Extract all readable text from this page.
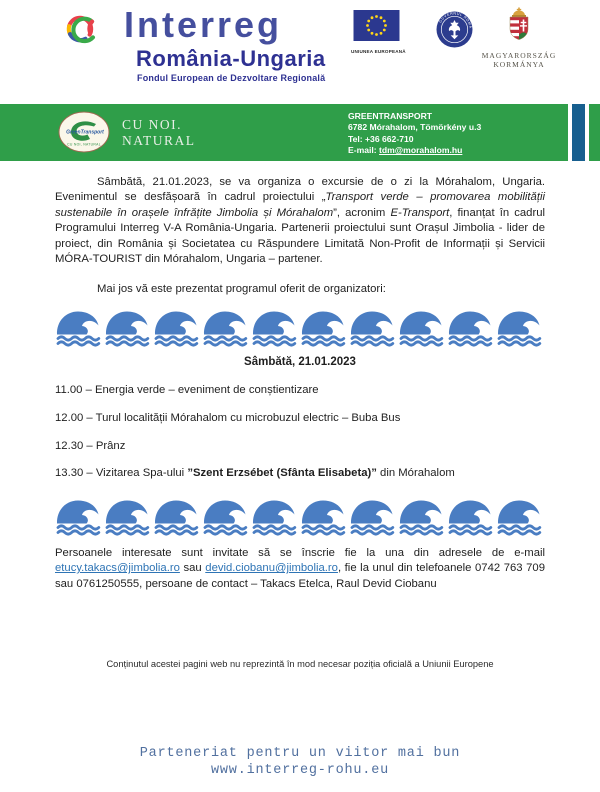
Interreg
România-Ungaria
Fondul European de Dezvoltare Regională
UNIUNEA EUROPEANĂ
GUVERNUL ROMÂ
MAGYARORSZÁG
KORMÁNYA
GreenTransport
CU NOI, NATURAL
CU NOI.
NATURAL
GREENTRANSPORT
6782 Mórahalom, Tömörkény u.3
Tel: +36 662-710
E-mail: tdm@morahalom.hu

Sâmbătă, 21.01.2023, se va organiza o excursie de o zi la Mórahalom, Ungaria. Evenimentul se desfășoară în cadrul proiectului „Transport verde – promovarea mobilității sustenabile în orașele înfrățite Jimbolia și Mórahalom”, acronim E-Transport, finanțat în cadrul Programului Interreg V-A România-Ungaria. Partenerii proiectului sunt Orașul Jimbolia - lider de proiect, din România și Societatea cu Răspundere Limitată Non-Profit de Informații și Servicii MÓRA-TOURIST din Mórahalom, Ungaria – partener.

Mai jos vă este prezentat programul oferit de organizatori:

Sâmbătă, 21.01.2023
11.00 – Energia verde – eveniment de conștientizare
12.00 – Turul localității Mórahalom cu microbuzul electric – Buba Bus
12.30 – Prânz
13.30 – Vizitarea Spa-ului ”Szent Erzsébet (Sfânta Elisabeta)” din Mórahalom

Persoanele interesate sunt invitate să se înscrie fie la una din adresele de e-mail etucy.takacs@jimbolia.ro sau devid.ciobanu@jimbolia.ro, fie la unul din telefoanele 0742 763 709 sau 0761250555, persoane de contact – Takacs Etelca, Raul Devid Ciobanu

Conținutul acestei pagini web nu reprezintă în mod necesar poziția oficială a Uniunii Europene

Parteneriat pentru un viitor mai bun
www.interreg-rohu.eu
